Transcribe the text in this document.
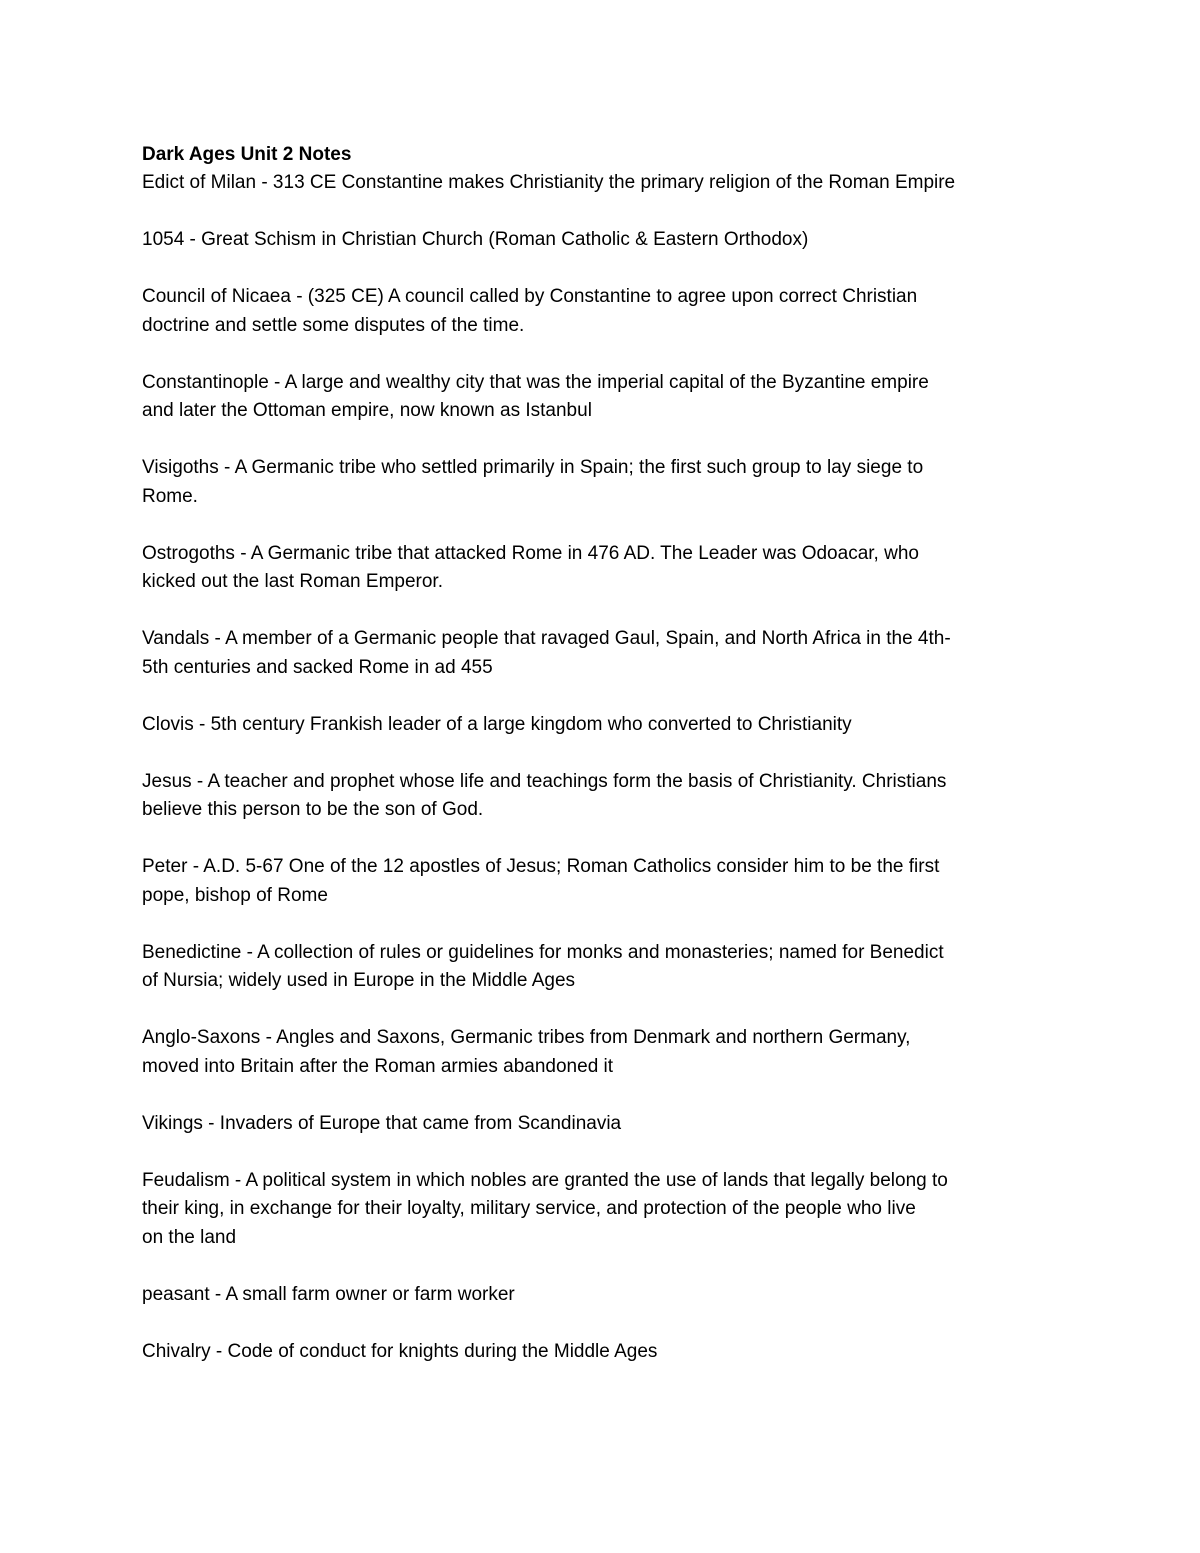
Dark Ages Unit 2 Notes

Edict of Milan - 313 CE Constantine makes Christianity the primary religion of the Roman Empire

1054 - Great Schism in Christian Church (Roman Catholic & Eastern Orthodox)

Council of Nicaea - (325 CE) A council called by Constantine to agree upon correct Christian
doctrine and settle some disputes of the time.

Constantinople - A large and wealthy city that was the imperial capital of the Byzantine empire
and later the Ottoman empire, now known as Istanbul

Visigoths - A Germanic tribe who settled primarily in Spain; the first such group to lay siege to
Rome.

Ostrogoths - A Germanic tribe that attacked Rome in 476 AD. The Leader was Odoacar, who
kicked out the last Roman Emperor.

Vandals - A member of a Germanic people that ravaged Gaul, Spain, and North Africa in the 4th-
5th centuries and sacked Rome in ad 455

Clovis - 5th century Frankish leader of a large kingdom who converted to Christianity

Jesus - A teacher and prophet whose life and teachings form the basis of Christianity. Christians
believe this person to be the son of God.

Peter - A.D. 5-67 One of the 12 apostles of Jesus; Roman Catholics consider him to be the first
pope, bishop of Rome

Benedictine - A collection of rules or guidelines for monks and monasteries; named for Benedict
of Nursia; widely used in Europe in the Middle Ages

Anglo-Saxons - Angles and Saxons, Germanic tribes from Denmark and northern Germany,
moved into Britain after the Roman armies abandoned it

Vikings - Invaders of Europe that came from Scandinavia

Feudalism - A political system in which nobles are granted the use of lands that legally belong to
their king, in exchange for their loyalty, military service, and protection of the people who live
on the land

peasant - A small farm owner or farm worker

Chivalry - Code of conduct for knights during the Middle Ages
